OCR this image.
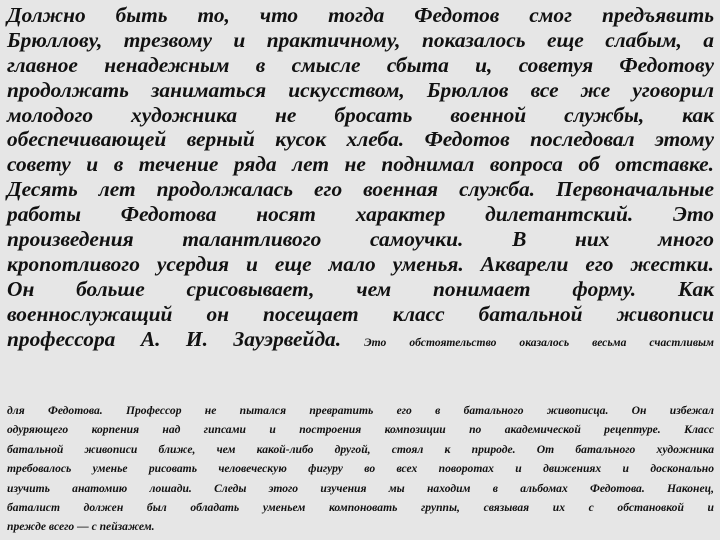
Должно быть то, что тогда Федотов смог предъявить
Брюллову, трезвому и практичному, показалось еще слабым, а
главное ненадежным в смысле сбыта и, советуя Федотову
продолжать заниматься искусством, Брюллов все же уговорил
молодого художника не бросать военной службы, как
обеспечивающей верный кусок хлеба. Федотов последовал этому
совету и в течение ряда лет не поднимал вопроса об отставке.
Десять лет продолжалась его военная служба. Первоначальные
работы Федотова носят характер дилетантский. Это
произведения талантливого самоучки. В них много
кропотливого усердия и еще мало уменья. Акварели его жестки.
Он больше срисовывает, чем понимает форму. Как
военнослужащий он посещает класс батальной живописи
профессора А. И. Зауэрвейда. Это обстоятельство оказалось весьма счастливым
для Федотова. Профессор не пытался превратить его в батального живописца. Он избежал
одуряющего корпения над гипсами и построения композиции по академической рецептуре. Класс
батальной живописи ближе, чем какой-либо другой, стоял к природе. От батального художника
требовалось уменье рисовать человеческую фигуру во всех поворотах и движениях и досконально
изучить анатомию лошади. Следы этого изучения мы находим в альбомах Федотова. Наконец,
баталист должен был обладать уменьем компоновать группы, связывая их с обстановкой и
прежде всего — с пейзажем.
